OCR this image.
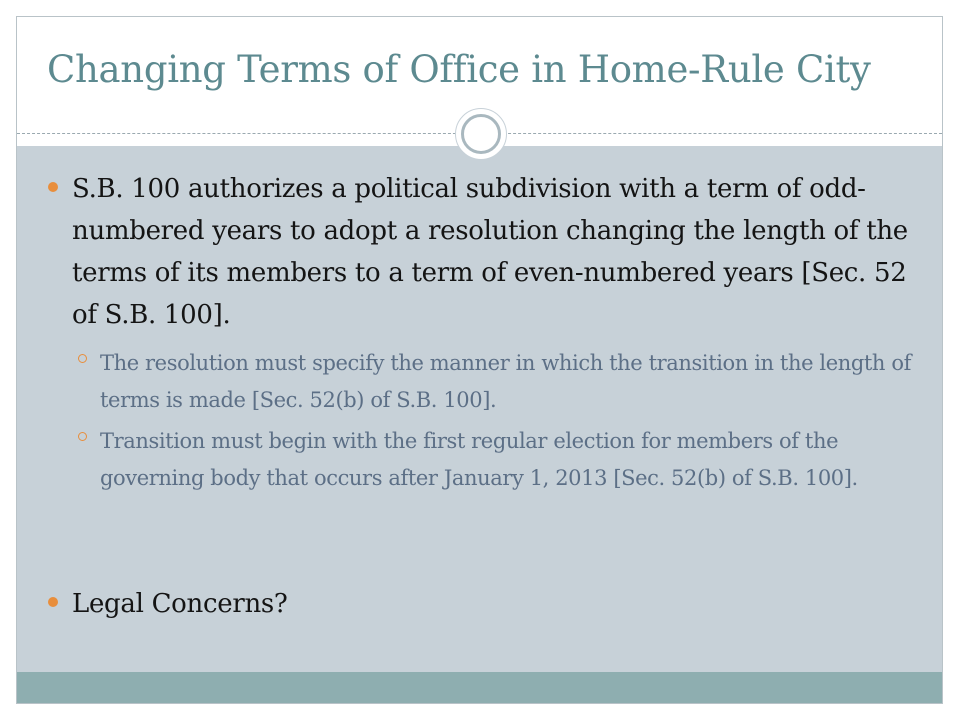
Changing Terms of Office in Home-Rule City

S.B. 100 authorizes a political subdivision with a term of odd-numbered years to adopt a resolution changing the length of the terms of its members to a term of even-numbered years [Sec. 52 of S.B. 100].

The resolution must specify the manner in which the transition in the length of terms is made [Sec. 52(b) of S.B. 100].

Transition must begin with the first regular election for members of the governing body that occurs after January 1, 2013 [Sec. 52(b) of S.B. 100].

Legal Concerns?
